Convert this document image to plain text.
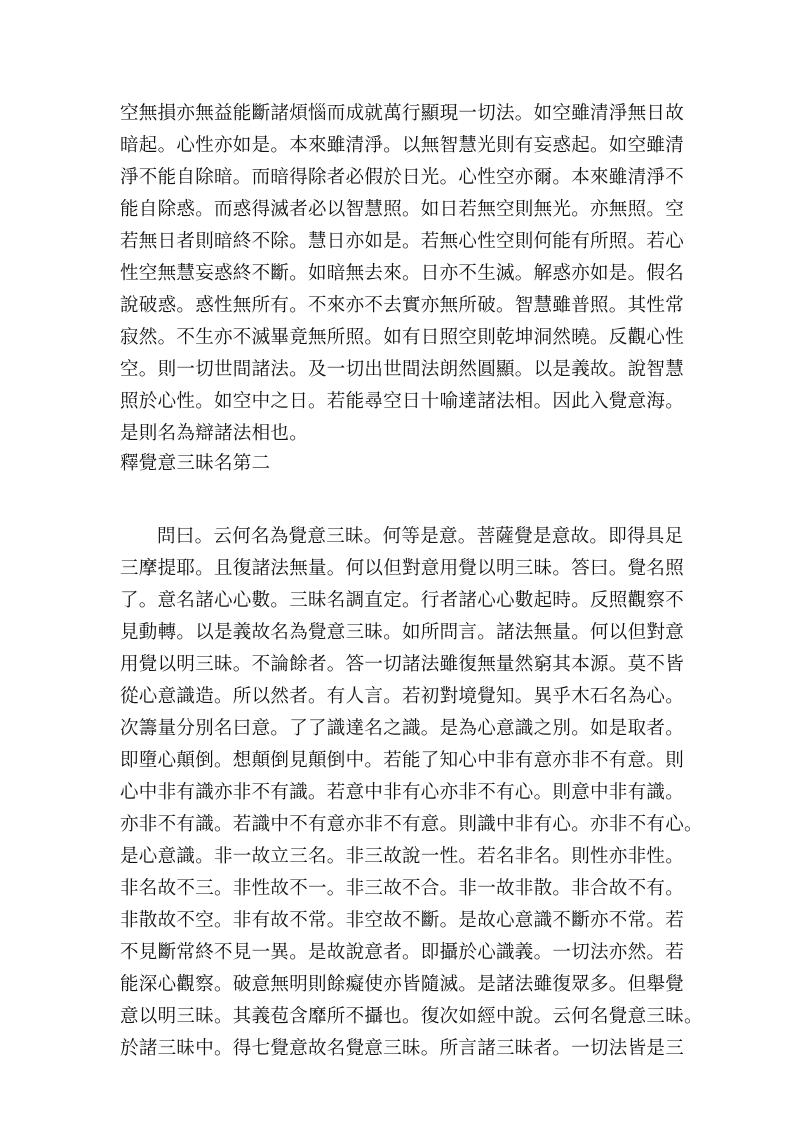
空無損亦無益能斷諸煩惱而成就萬行顯現一切法。如空雖清淨無日故
暗起。心性亦如是。本來雖清淨。以無智慧光則有妄惑起。如空雖清
淨不能自除暗。而暗得除者必假於日光。心性空亦爾。本來雖清淨不
能自除惑。而惑得滅者必以智慧照。如日若無空則無光。亦無照。空
若無日者則暗終不除。慧日亦如是。若無心性空則何能有所照。若心
性空無慧妄惑終不斷。如暗無去來。日亦不生滅。解惑亦如是。假名
說破惑。惑性無所有。不來亦不去實亦無所破。智慧雖普照。其性常
寂然。不生亦不滅畢竟無所照。如有日照空則乾坤洞然曉。反觀心性
空。則一切世間諸法。及一切出世間法朗然圓顯。以是義故。說智慧
照於心性。如空中之日。若能尋空日十喻達諸法相。因此入覺意海。
是則名為辯諸法相也。
釋覺意三昧名第二
問曰。云何名為覺意三昧。何等是意。菩薩覺是意故。即得具足
三摩提耶。且復諸法無量。何以但對意用覺以明三昧。答曰。覺名照
了。意名諸心心數。三昧名調直定。行者諸心心數起時。反照觀察不
見動轉。以是義故名為覺意三昧。如所問言。諸法無量。何以但對意
用覺以明三昧。不論餘者。答一切諸法雖復無量然窮其本源。莫不皆
從心意識造。所以然者。有人言。若初對境覺知。異乎木石名為心。
次籌量分別名曰意。了了識達名之識。是為心意識之別。如是取者。
即墮心顛倒。想顛倒見顛倒中。若能了知心中非有意亦非不有意。則
心中非有識亦非不有識。若意中非有心亦非不有心。則意中非有識。
亦非不有識。若識中不有意亦非不有意。則識中非有心。亦非不有心。
是心意識。非一故立三名。非三故說一性。若名非名。則性亦非性。
非名故不三。非性故不一。非三故不合。非一故非散。非合故不有。
非散故不空。非有故不常。非空故不斷。是故心意識不斷亦不常。若
不見斷常終不見一異。是故說意者。即攝於心識義。一切法亦然。若
能深心觀察。破意無明則餘癡使亦皆隨滅。是諸法雖復眾多。但舉覺
意以明三昧。其義苞含靡所不攝也。復次如經中說。云何名覺意三昧。
於諸三昧中。得七覺意故名覺意三昧。所言諸三昧者。一切法皆是三
